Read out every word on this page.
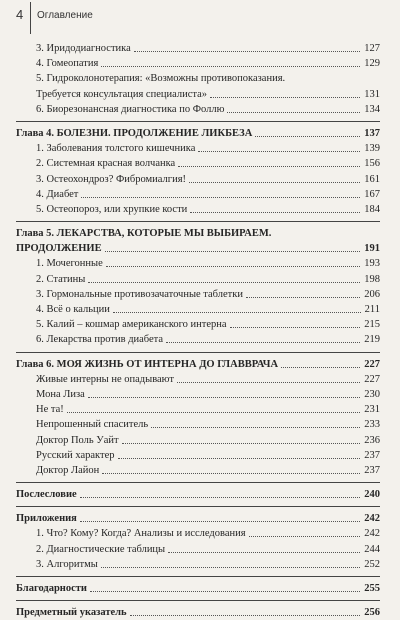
4 Оглавление
3. Иридодиагностика	127
4. Гомеопатия	129
5. Гидроколонотерапия: «Возможны противопоказания.
Требуется консультация специалиста»	131
6. Биорезонансная диагностика по Фоллю	134
Глава 4. БОЛЕЗНИ. ПРОДОЛЖЕНИЕ ЛИКБЕЗА	137
1. Заболевания толстого кишечника	139
2. Системная красная волчанка	156
3. Остеохондроз? Фибромиалгия!	161
4. Диабет	167
5. Остеопороз, или хрупкие кости	184
Глава 5. ЛЕКАРСТВА, КОТОРЫЕ МЫ ВЫБИРАЕМ.
ПРОДОЛЖЕНИЕ	191
1. Мочегонные	193
2. Статины	198
3. Гормональные противозачаточные таблетки	206
4. Всё о кальции	211
5. Калий – кошмар американского интерна	215
6. Лекарства против диабета	219
Глава 6. МОЯ ЖИЗНЬ ОТ ИНТЕРНА ДО ГЛАВВРАЧА	227
Живые интерны не опадывают	227
Мона Лиза	230
Не та!	231
Непрошенный спаситель	233
Доктор Поль Уайт	236
Русский характер	237
Доктор Лайон	237
Послесловие	240
Приложения	242
1. Что? Кому? Когда? Анализы и исследования	242
2. Диагностические таблицы	244
3. Алгоритмы	252
Благодарности	255
Предметный указатель	256
